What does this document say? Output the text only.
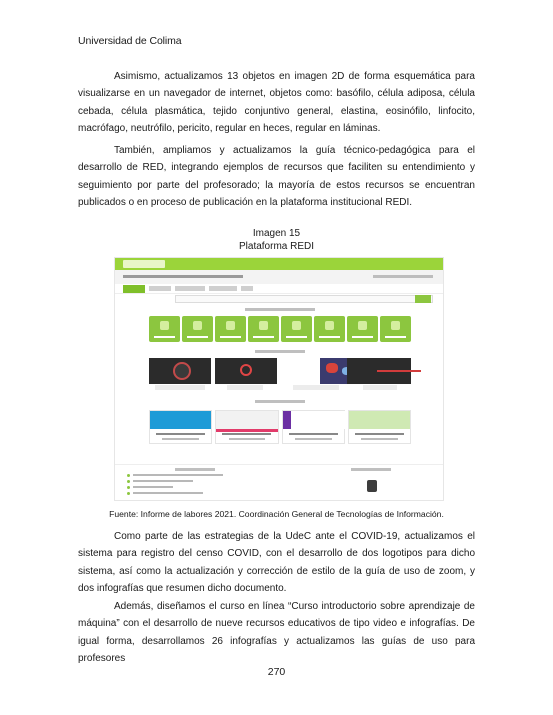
Universidad de Colima

Asimismo, actualizamos 13 objetos en imagen 2D de forma esquemática para visualizarse en un navegador de internet, objetos como: basófilo, célula adiposa, célula cebada, célula plasmática, tejido conjuntivo general, elastina, eosinófilo, linfocito, macrófago, neutrófilo, pericito, regular en heces, regular en láminas.

También, ampliamos y actualizamos la guía técnico-pedagógica para el desarrollo de RED, integrando ejemplos de recursos que faciliten su entendimiento y seguimiento por parte del profesorado; la mayoría de estos recursos se encuentran publicados o en proceso de publicación en la plataforma institucional REDI.

Imagen 15
Plataforma REDI
Fuente: Informe de labores 2021. Coordinación General de Tecnologías de Información.

Como parte de las estrategias de la UdeC ante el COVID-19, actualizamos el sistema para registro del censo COVID, con el desarrollo de dos logotipos para dicho sistema, así como la actualización y corrección de estilo de la guía de uso de zoom, y dos infografías que resumen dicho documento.

Además, diseñamos el curso en línea “Curso introductorio sobre aprendizaje de máquina” con el desarrollo de nueve recursos educativos de tipo video e infografías. De igual forma, desarrollamos 26 infografías y actualizamos las guías de uso para profesores

270
